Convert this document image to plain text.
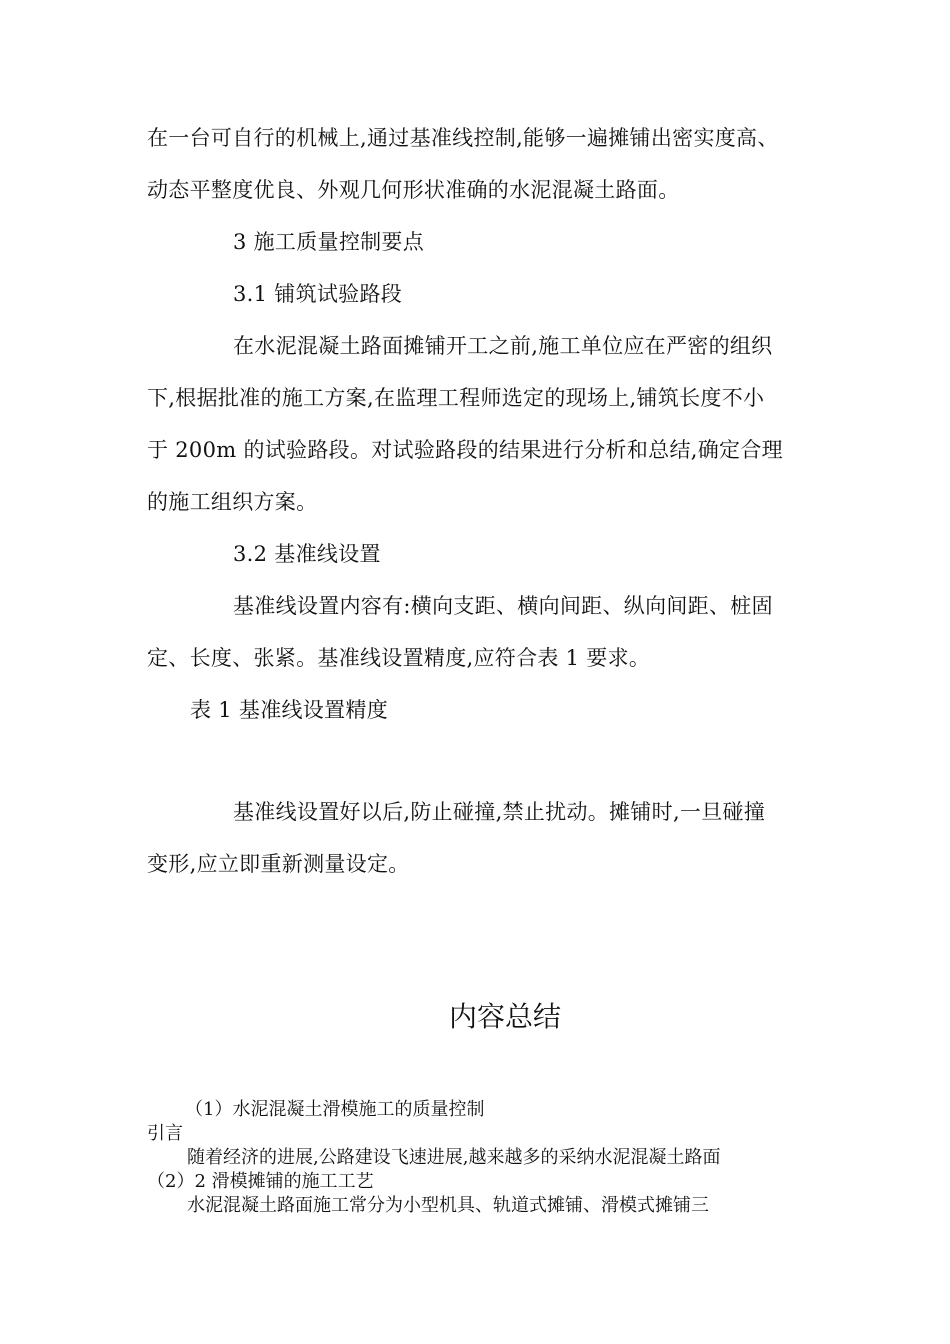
在一台可自行的机械上,通过基准线控制,能够一遍摊铺出密实度高、
动态平整度优良、外观几何形状准确的水泥混凝土路面。
3 施工质量控制要点
3.1 铺筑试验路段
在水泥混凝土路面摊铺开工之前,施工单位应在严密的组织
下,根据批准的施工方案,在监理工程师选定的现场上,铺筑长度不小
于 200m 的试验路段。对试验路段的结果进行分析和总结,确定合理
的施工组织方案。
3.2 基准线设置
基准线设置内容有:横向支距、横向间距、纵向间距、桩固
定、长度、张紧。基准线设置精度,应符合表 1 要求。
表 1 基准线设置精度
基准线设置好以后,防止碰撞,禁止扰动。摊铺时,一旦碰撞
变形,应立即重新测量设定。
内容总结
（1）水泥混凝土滑模施工的质量控制
引言
随着经济的进展,公路建设飞速进展,越来越多的采纳水泥混凝土路面
（2）2 滑模摊铺的施工工艺
水泥混凝土路面施工常分为小型机具、轨道式摊铺、滑模式摊铺三
